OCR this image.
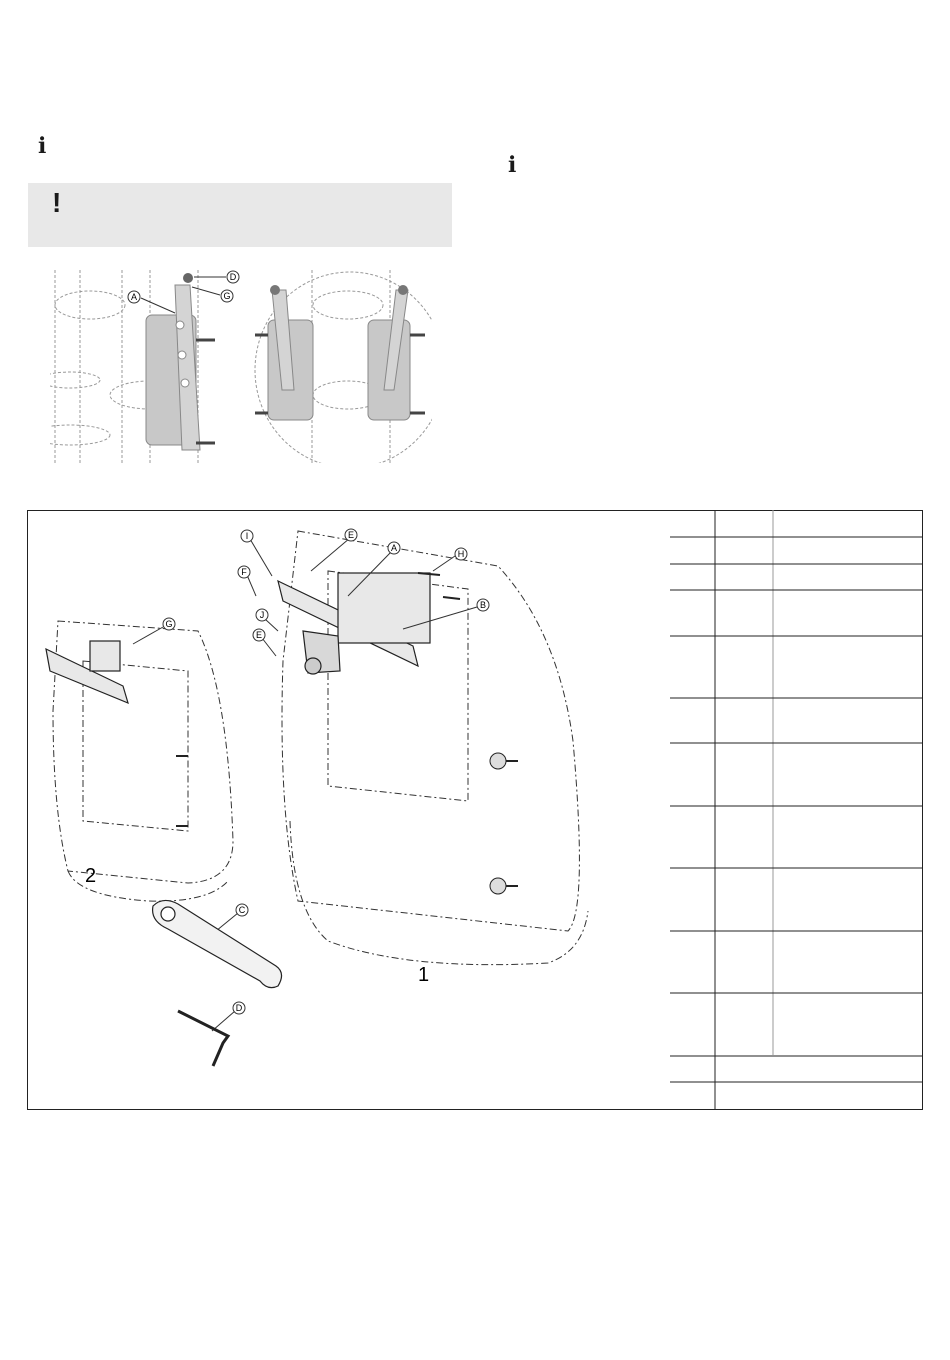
ℹ
ℹ
!
D
G
A
G
2
1
I	E
A
H
F
B
J
E
C
D
